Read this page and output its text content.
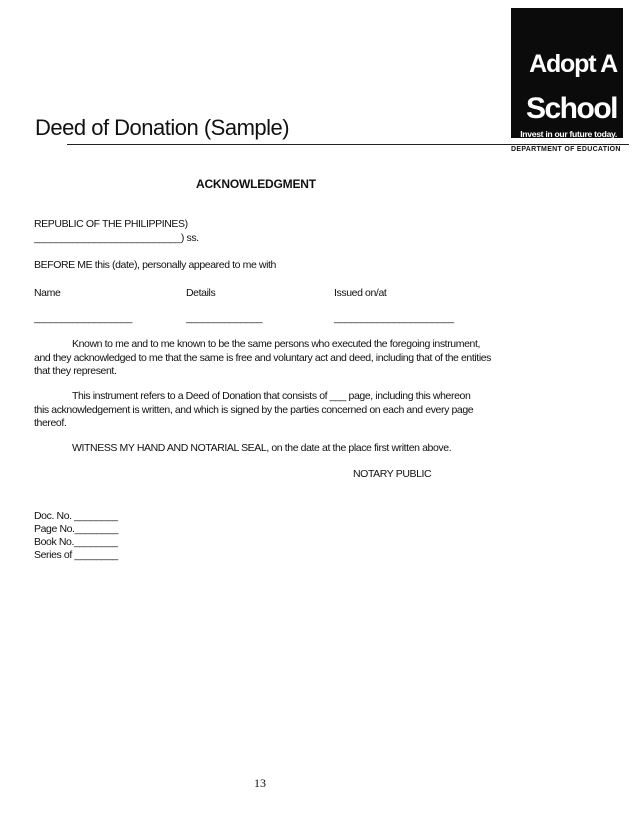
Adopt A
School
Invest in our future today.
DEPARTMENT OF EDUCATION
Deed of Donation (Sample)
ACKNOWLEDGMENT
REPUBLIC OF THE PHILIPPINES)
___________________________) ss.
BEFORE ME this (date), personally appeared to me with
Name	Details	Issued on/at
__________________	______________	______________________
Known to me and to me known to be the same persons who executed the foregoing instrument,
and they acknowledged to me that the same is free and voluntary act and deed, including that of the entities
that they represent.
This instrument refers to a Deed of Donation that consists of ___ page, including this whereon
this acknowledgement is written, and which is signed by the parties concerned on each and every page
thereof.
WITNESS MY HAND AND NOTARIAL SEAL, on the date at the place first written above.
NOTARY PUBLIC
Doc. No. ________
Page No.________
Book No.________
Series of ________
13
